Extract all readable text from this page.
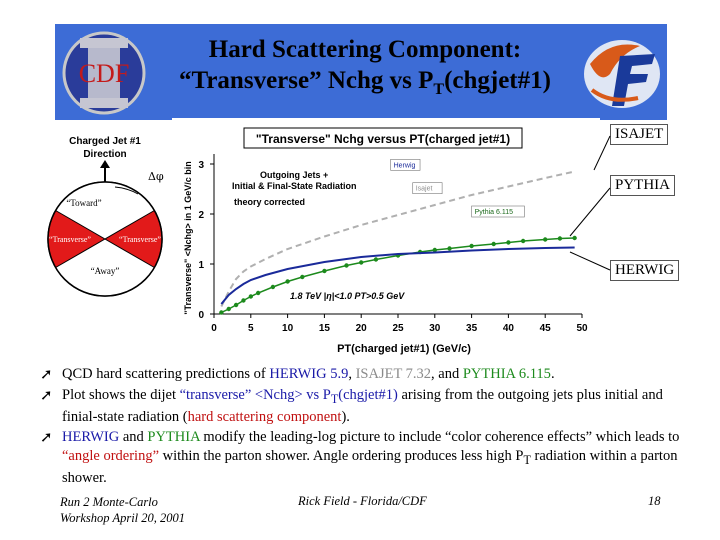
CDF
Hard Scattering Component:
“Transverse” Nchg vs $P_T(chgjet\#1)$
Charged Jet #1
Direction
Δφ
“Toward”
“Transverse”	“Transverse”
“Away”
"Transverse" Nchg versus PT(charged jet#1)
Outgoing Jets +
Initial & Final-State Radiation
theory corrected
1.8 TeV |η|<1.0 PT>0.5 GeV
0	5	10	15	20	25	30	35	40	45	50
0
1
2
3
Isajet
Pythia 6.115
Herwig
PT(charged jet#1) (GeV/c)
"Transverse" <Nchg> in 1 GeV/c bin
ISAJET
PYTHIA
HERWIG
➚ QCD hard scattering predictions of HERWIG 5.9, ISAJET 7.32, and PYTHIA 6.115.
➚ Plot shows the dijet “transverse” <Nchg> vs $P_T(chgjet\#1)$ arising from the outgoing jets plus initial and finial-state radiation (hard scattering component).
➚ HERWIG and PYTHIA modify the leading-log picture to include “color coherence effects” which leads to “angle ordering” within the parton shower. Angle ordering produces less high $P_T$ radiation within a parton shower.
Run 2 Monte-Carlo
Workshop April 20, 2001
Rick Field - Florida/CDF	18
